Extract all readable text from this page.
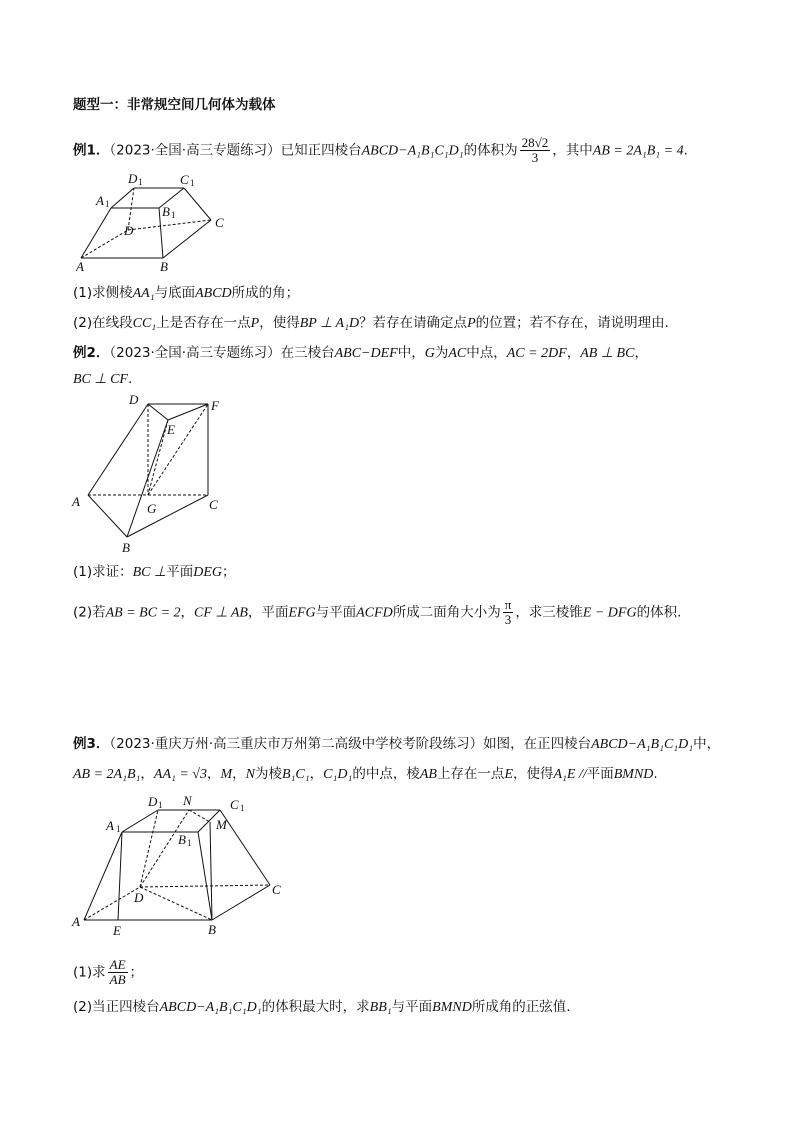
题型一：非常规空间几何体为载体
例1．（2023·全国·高三专题练习）已知正四棱台ABCD−A₁B₁C₁D₁的体积为 $\frac{28√2}{3}$ ，其中AB = 2A₁B₁ = 4.
D 1	C 1
A 1	B 1
D
C
A	B
(1)求侧棱AA₁与底面ABCD所成的角；
(2)在线段CC₁上是否存在一点P，使得BP ⊥ A₁D？若存在请确定点P的位置；若不存在，请说明理由.
例2．（2023·全国·高三专题练习）在三棱台ABC−DEF中，G为AC中点，AC = 2DF，AB ⊥ BC，
BC ⊥ CF.
D	F
E
A	G	C
B
(1)求证：BC ⊥平面DEG；
(2)若AB = BC = 2，CF ⊥ AB，平面EFG与平面ACFD所成二面角大小为 $\frac{\pi}{3}$ ，求三棱锥E − DFG的体积.
例3．（2023·重庆万州·高三重庆市万州第二高级中学校考阶段练习）如图，在正四棱台ABCD−A₁B₁C₁D₁中，
AB = 2A₁B₁，AA₁ = √3，M，N为棱B₁C₁，C₁D₁的中点，棱AB上存在一点E，使得A₁E //平面BMND.
D 1 N	C 1
A 1	M
B 1
C
D
A
E	B
(1)求 $\frac{AE}{AB}$ ；
(2)当正四棱台ABCD−A₁B₁C₁D₁的体积最大时，求BB₁与平面BMND所成角的正弦值.
